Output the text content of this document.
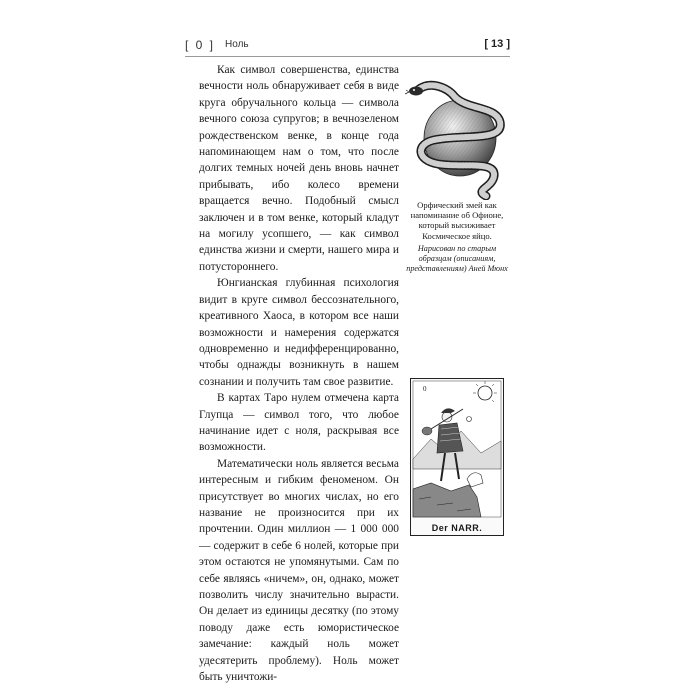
[ 0 ] Ноль	[ 13 ]

Как символ совершенства, единства вечности ноль обнаруживает себя в виде круга обручального кольца — символа вечного союза супругов; в вечнозеленом рождественском венке, в конце года напоминающем нам о том, что после долгих темных ночей день вновь начнет прибывать, ибо колесо времени вращается вечно. Подобный смысл заключен и в том венке, который кладут на могилу усопшего, — как символ единства жизни и смерти, нашего мира и потустороннего.

Юнгианская глубинная психология видит в круге символ бессознательного, креативного Хаоса, в котором все наши возможности и намерения содержатся одновременно и недифференцированно, чтобы однажды возникнуть в нашем сознании и получить там свое развитие.

В картах Таро нулем отмечена карта Глупца — символ того, что любое начинание идет с ноля, раскрывая все возможности.

Математически ноль является весьма интересным и гибким феноменом. Он присутствует во многих числах, но его название не произносится при их прочтении. Один миллион — 1 000 000 — содержит в себе 6 нолей, которые при этом остаются не упомянутыми. Сам по себе являясь «ничем», он, однако, может позволить числу значительно вырасти. Он делает из единицы десятку (по этому поводу даже есть юмористическое замечание: каждый ноль может удесятерить проблему). Ноль может быть уничтожи-

Орфический змей как напоминание об Офионе, который высиживает Космическое яйцо.
Нарисован по старым образцам (описаниям, представлениям) Аней Мюнх
0
Der NARR.
